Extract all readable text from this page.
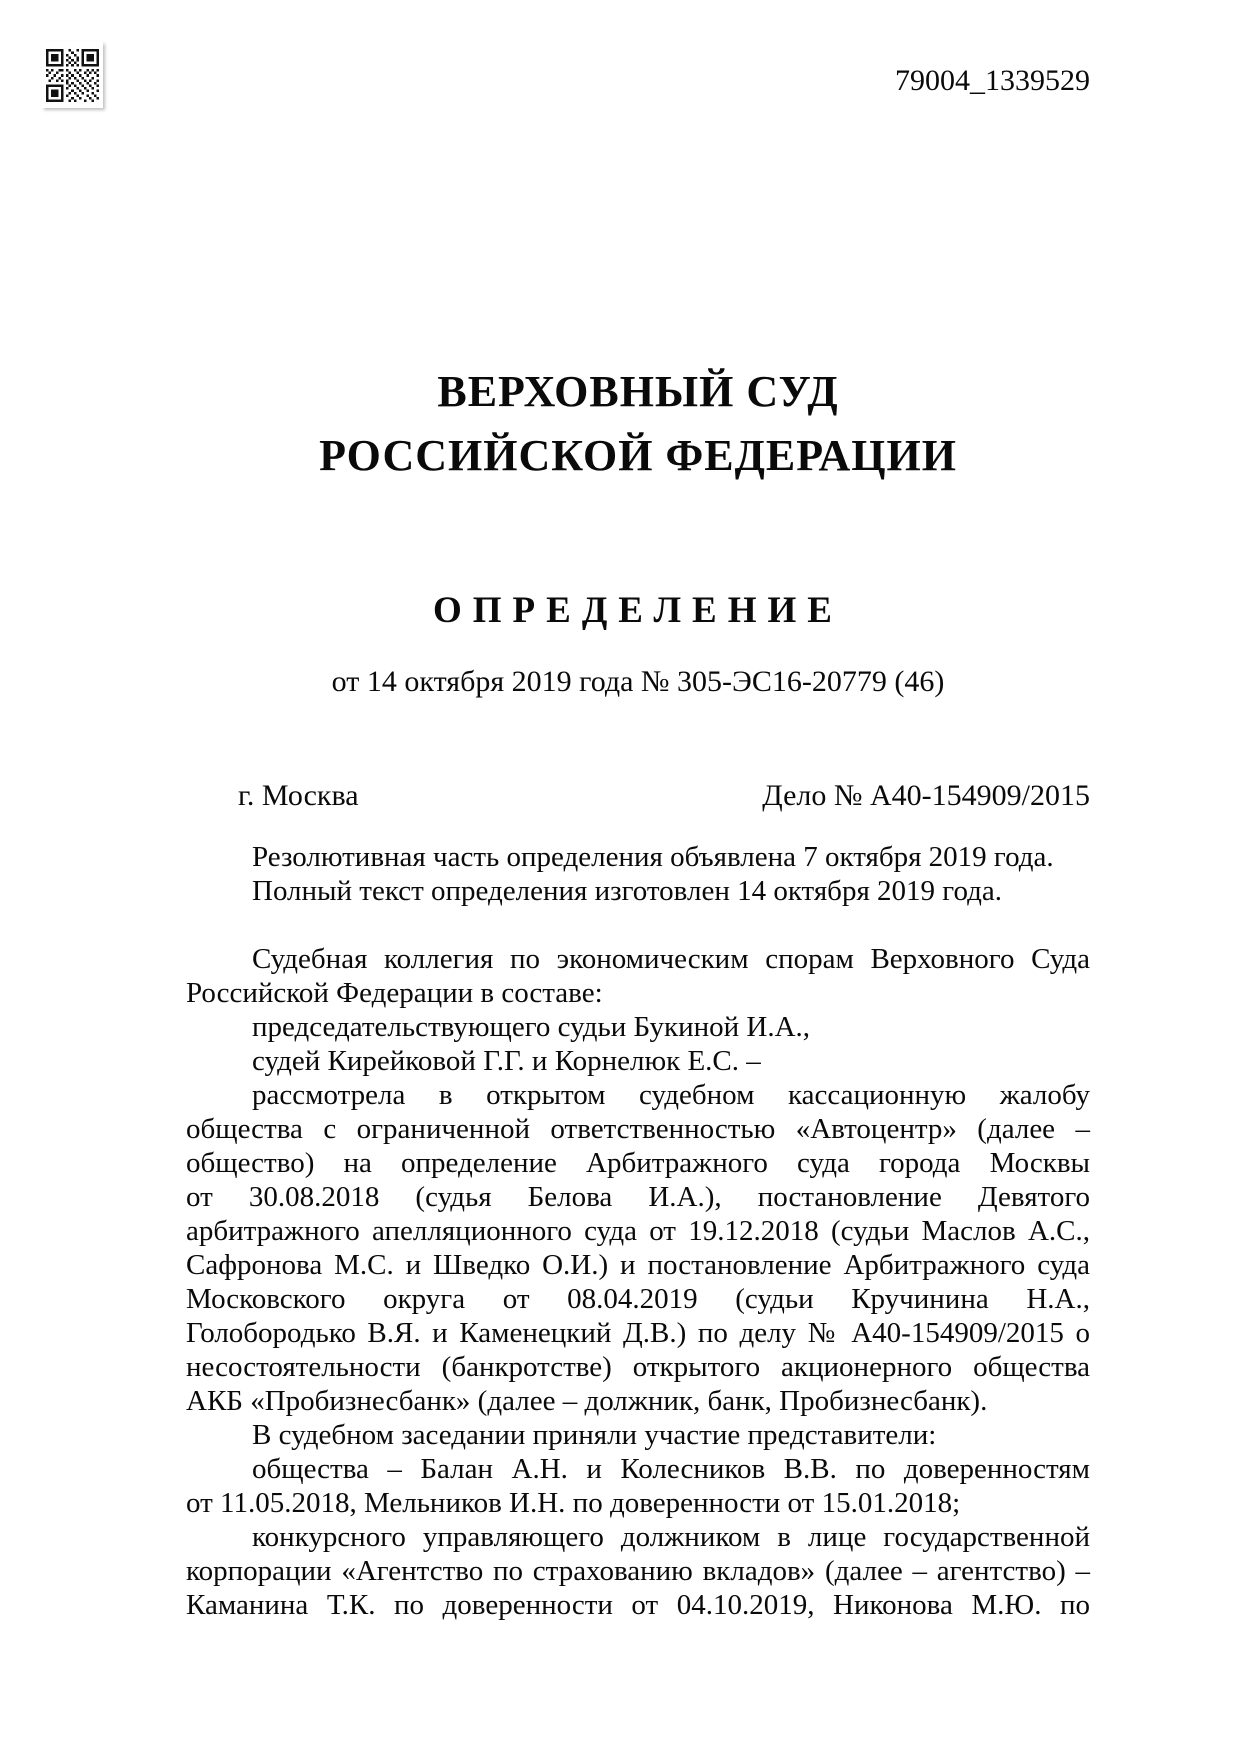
79004_1339529
ВЕРХОВНЫЙ СУД
РОССИЙСКОЙ ФЕДЕРАЦИИ
ОПРЕДЕЛЕНИЕ
от 14 октября 2019 года № 305-ЭС16-20779 (46)
г. Москва	Дело № А40-154909/2015
Резолютивная часть определения объявлена 7 октября 2019 года.
Полный текст определения изготовлен 14 октября 2019 года.
Судебная коллегия по экономическим спорам Верховного Суда
Российской Федерации в составе:
председательствующего судьи Букиной И.А.,
судей Кирейковой Г.Г. и Корнелюк Е.С. –
рассмотрела в открытом судебном кассационную жалобу
общества с ограниченной ответственностью «Автоцентр» (далее –
общество) на определение Арбитражного суда города Москвы
от 30.08.2018 (судья Белова И.А.), постановление Девятого
арбитражного апелляционного суда от 19.12.2018 (судьи Маслов А.С.,
Сафронова М.С. и Шведко О.И.) и постановление Арбитражного суда
Московского округа от 08.04.2019 (судьи Кручинина Н.А.,
Голобородько В.Я. и Каменецкий Д.В.) по делу № А40-154909/2015 о
несостоятельности (банкротстве) открытого акционерного общества
АКБ «Пробизнесбанк» (далее – должник, банк, Пробизнесбанк).
В судебном заседании приняли участие представители:
общества – Балан А.Н. и Колесников В.В. по доверенностям
от 11.05.2018, Мельников И.Н. по доверенности от 15.01.2018;
конкурсного управляющего должником в лице государственной
корпорации «Агентство по страхованию вкладов» (далее – агентство) –
Каманина Т.К. по доверенности от 04.10.2019, Никонова М.Ю. по
